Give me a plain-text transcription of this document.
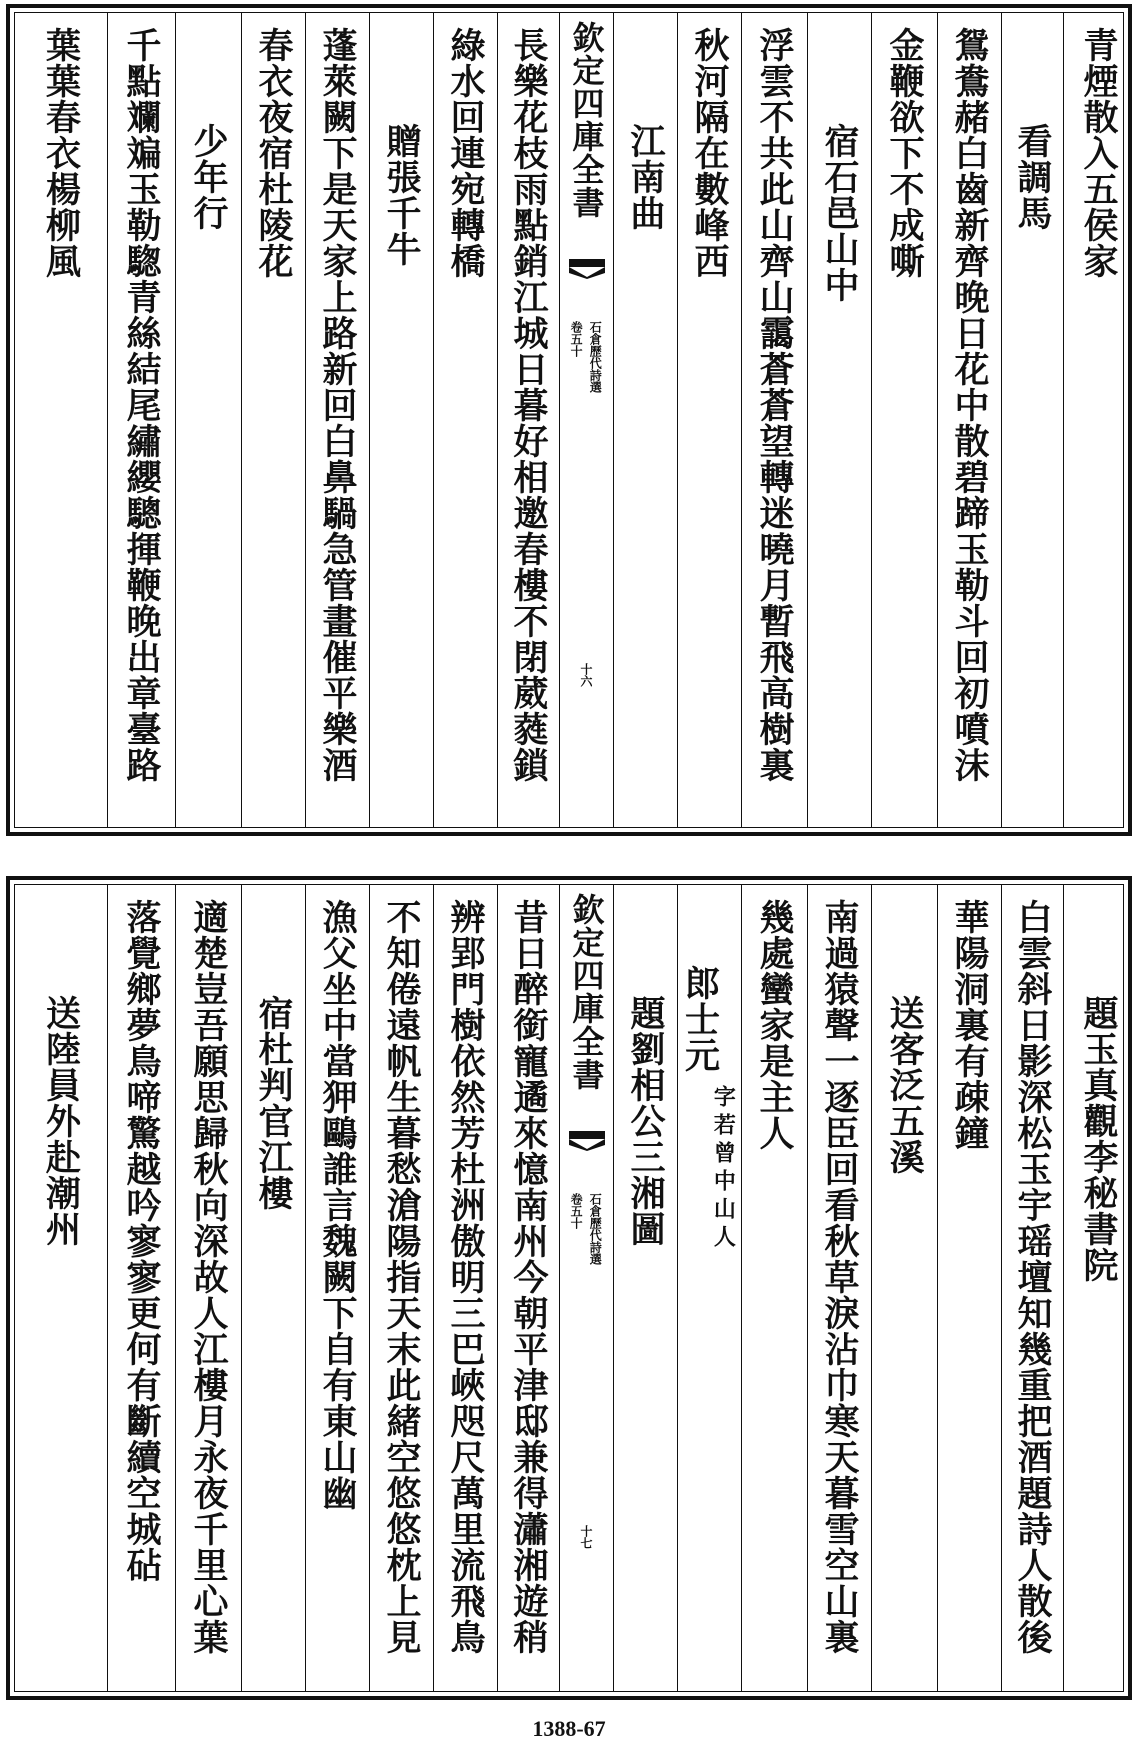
青煙散入五侯家
看調馬
鴛鴦赭白齒新齊晚日花中散碧蹄玉勒斗回初噴沫
金鞭欲下不成嘶
宿石邑山中
浮雲不共此山齊山靄蒼蒼望轉迷曉月暫飛高樹裏
秋河隔在數峰西
江南曲
欽定四庫全書
石倉歷代詩選
卷五十
十六
長樂花枝雨點銷江城日暮好相邀春樓不閉葳蕤鎖
綠水回連宛轉橋
贈張千牛
蓬萊闕下是天家上路新回白鼻騧急管畫催平樂酒
春衣夜宿杜陵花
少年行
千點斕斒玉勒騘青絲結尾繡纓驄揮鞭晚出章臺路
葉葉春衣楊柳風
題玉真觀李秘書院
白雲斜日影深松玉宇瑶壇知幾重把酒題詩人散後
華陽洞裏有疎鐘
送客泛五溪
南過猿聲一逐臣回看秋草淚沾巾寒天暮雪空山裏
幾處蠻家是主人
郎士元
字若曾中山人
題劉相公三湘圖
欽定四庫全書
石倉歷代詩選
卷五十
十七
昔日醉銜寵遹來憶南州今朝平津邸兼得瀟湘遊稍
辨郢門樹依然芳杜洲傲明三巴峽咫尺萬里流飛鳥
不知倦遠帆生暮愁滄陽指天末此緒空悠悠枕上見
漁父坐中當狎鷗誰言魏闕下自有東山幽
宿杜判官江樓
適楚豈吾願思歸秋向深故人江樓月永夜千里心葉
落覺鄉夢鳥啼驚越吟寥寥更何有斷續空城砧
送陸員外赴潮州
1388-67
